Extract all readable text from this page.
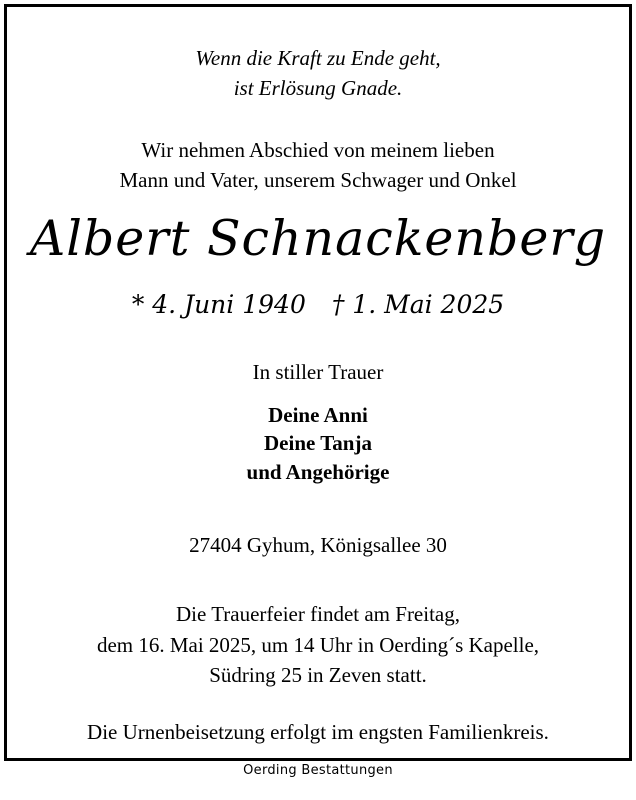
Wenn die Kraft zu Ende geht,
ist Erlösung Gnade.
Wir nehmen Abschied von meinem lieben
Mann und Vater, unserem Schwager und Onkel
Albert Schnackenberg
* 4. Juni 1940 † 1. Mai 2025
In stiller Trauer
Deine Anni
Deine Tanja
und Angehörige
27404 Gyhum, Königsallee 30
Die Trauerfeier findet am Freitag,
dem 16. Mai 2025, um 14 Uhr in Oerding´s Kapelle,
Südring 25 in Zeven statt.
Die Urnenbeisetzung erfolgt im engsten Familienkreis.
Oerding Bestattungen
